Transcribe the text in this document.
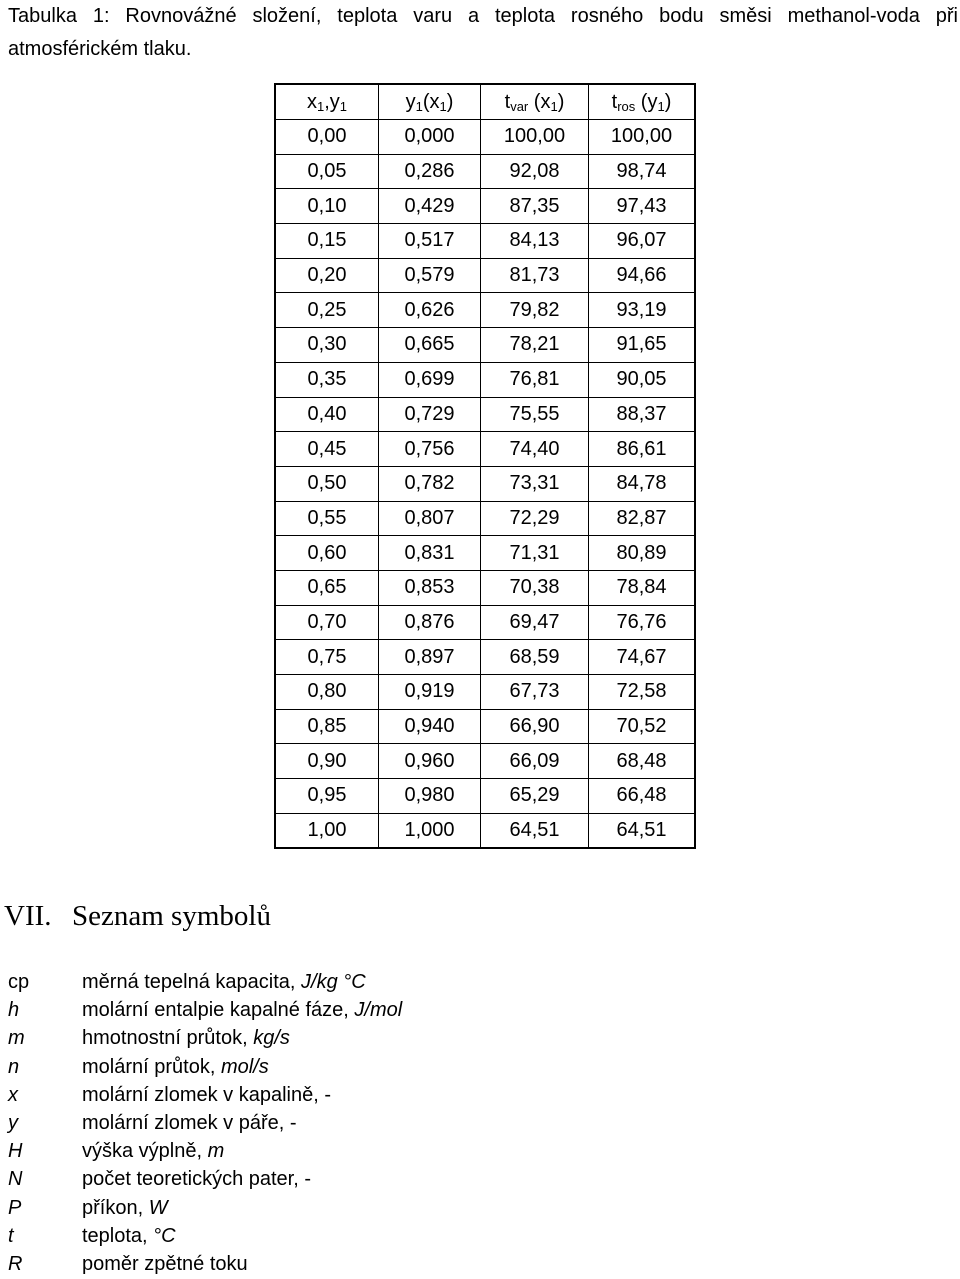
Tabulka 1: Rovnovážné složení, teplota varu a teplota rosného bodu směsi methanol-voda při atmosférickém tlaku.
$x_1,y_1$	$y_1(x_1)$	$t_{var}$ $(x_1)$	$t_{ros}$ $(y_1)$
0,00	0,000	100,00	100,00
0,05	0,286	92,08	98,74
0,10	0,429	87,35	97,43
0,15	0,517	84,13	96,07
0,20	0,579	81,73	94,66
0,25	0,626	79,82	93,19
0,30	0,665	78,21	91,65
0,35	0,699	76,81	90,05
0,40	0,729	75,55	88,37
0,45	0,756	74,40	86,61
0,50	0,782	73,31	84,78
0,55	0,807	72,29	82,87
0,60	0,831	71,31	80,89
0,65	0,853	70,38	78,84
0,70	0,876	69,47	76,76
0,75	0,897	68,59	74,67
0,80	0,919	67,73	72,58
0,85	0,940	66,90	70,52
0,90	0,960	66,09	68,48
0,95	0,980	65,29	66,48
1,00	1,000	64,51	64,51
VII. Seznam symbolů
cp	měrná tepelná kapacita, J/kg °C
h	molární entalpie kapalné fáze, J/mol
m	hmotnostní průtok, kg/s
n	molární průtok, mol/s
x	molární zlomek v kapalině, -
y	molární zlomek v páře, -
H	výška výplně, m
N	počet teoretických pater, -
P	příkon, W
t	teplota, °C
R	poměr zpětné toku
